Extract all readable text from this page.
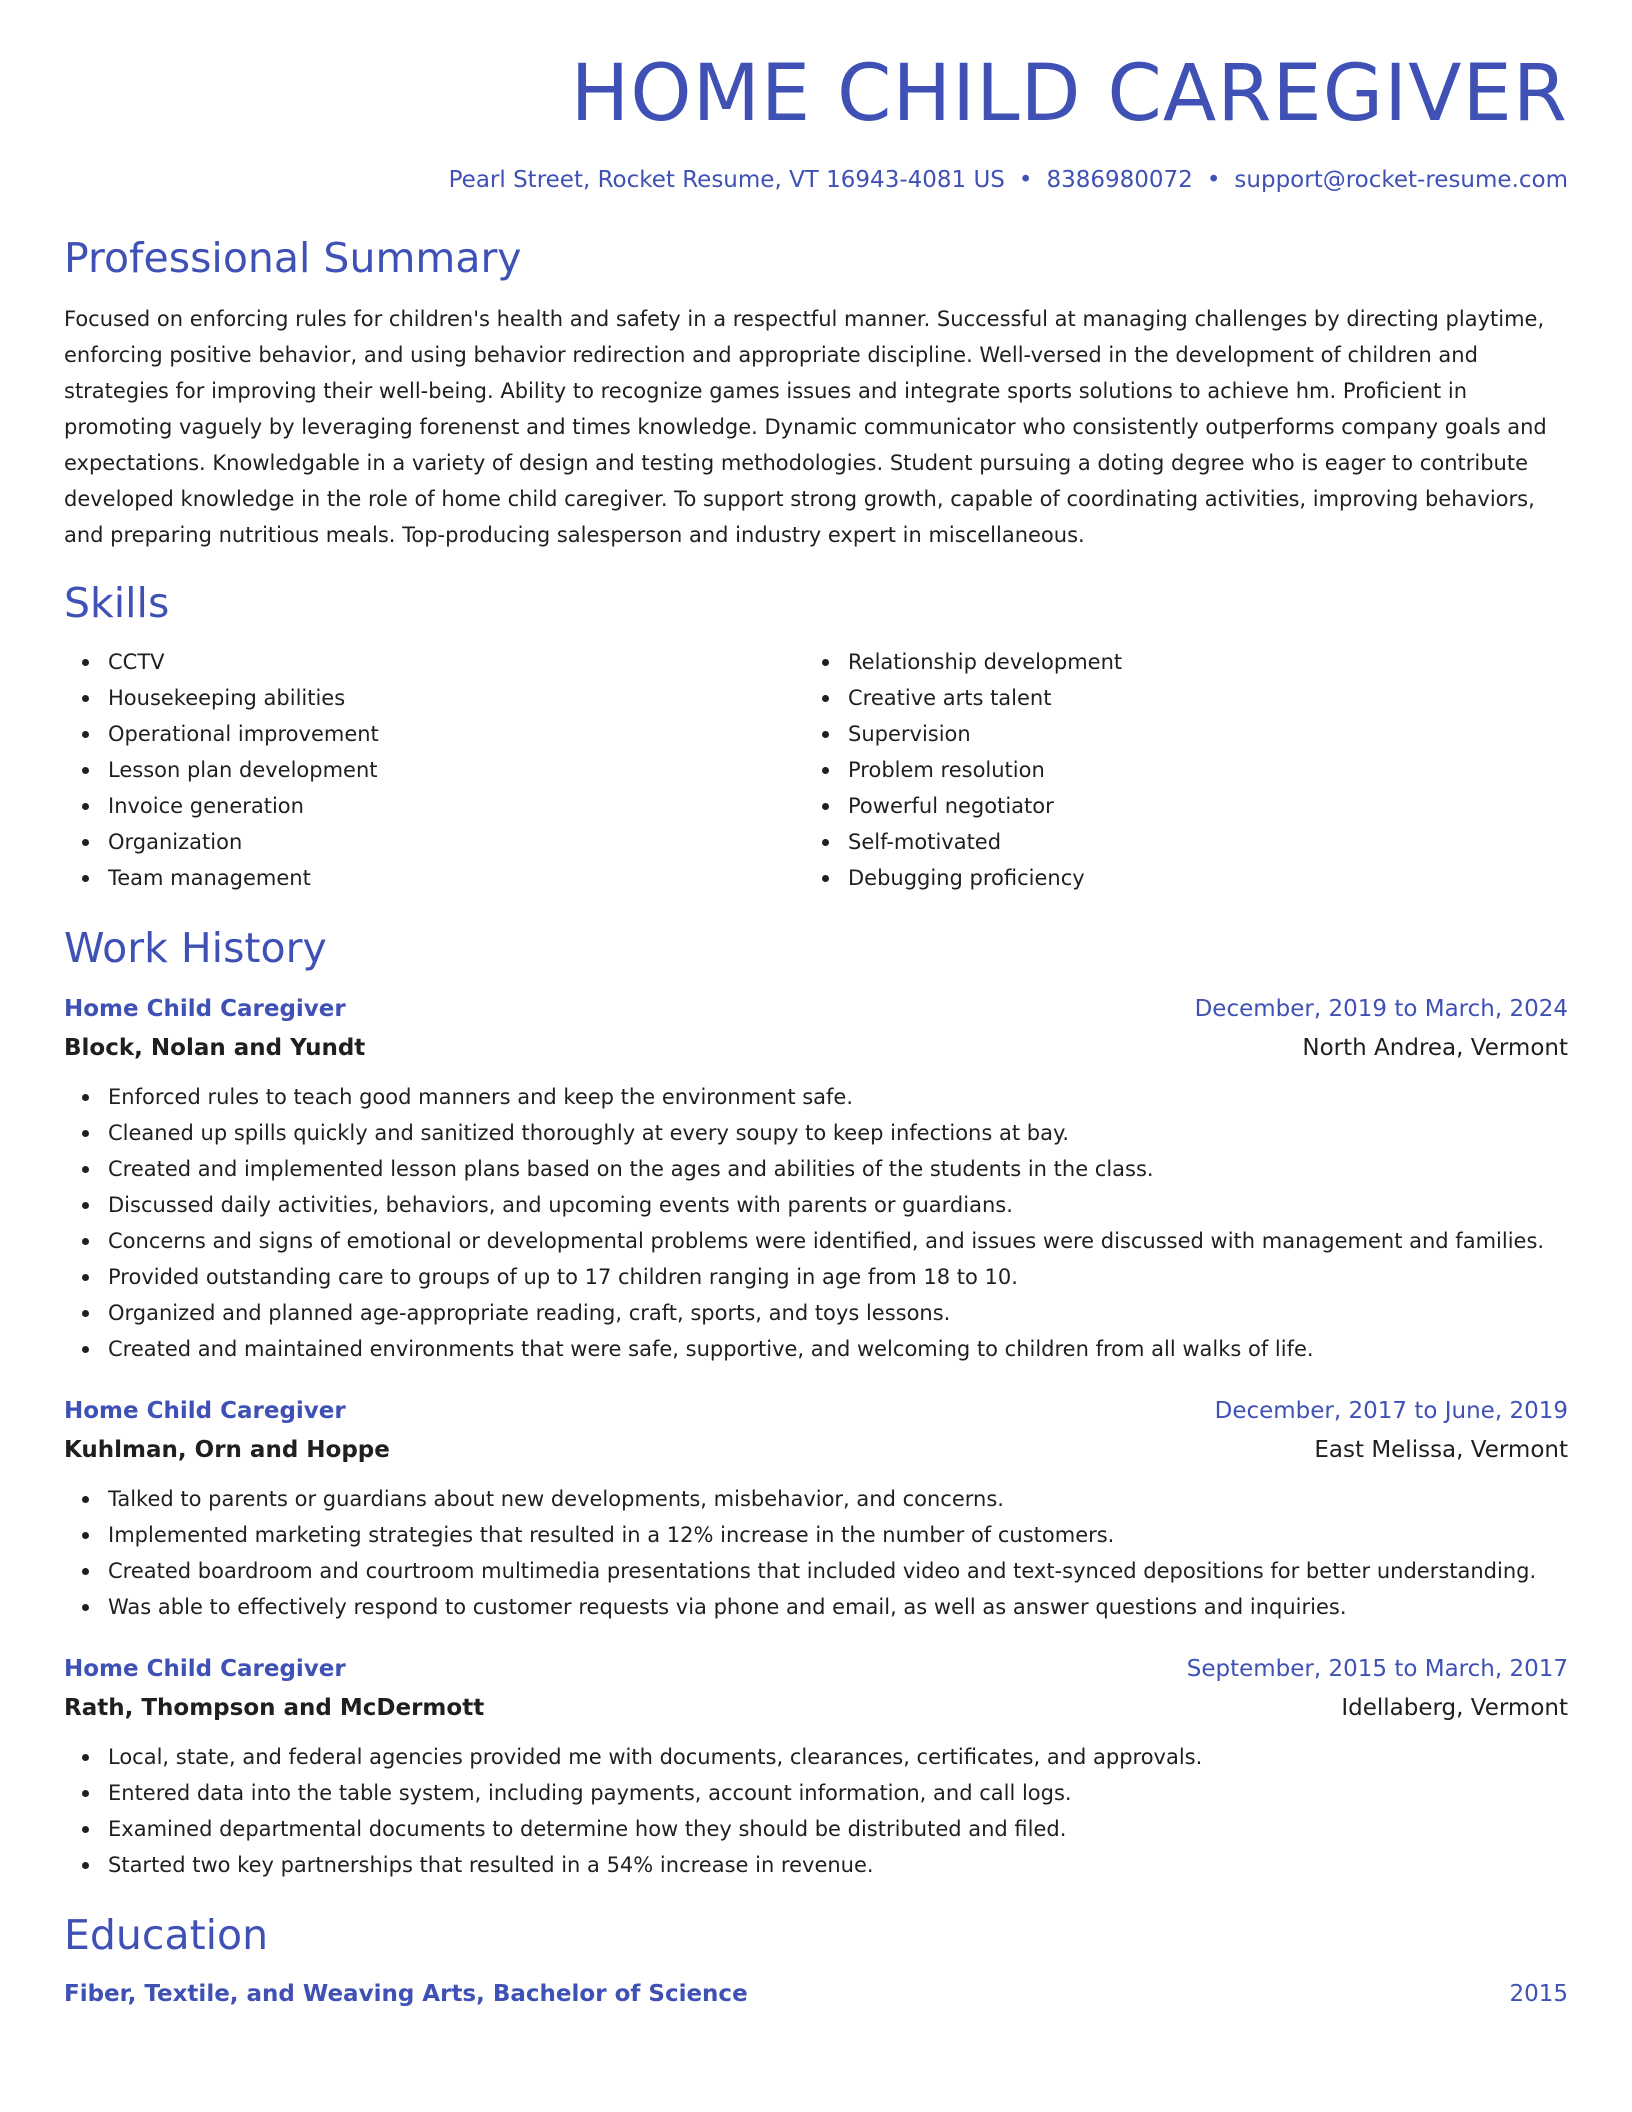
HOME CHILD CAREGIVER
Pearl Street, Rocket Resume, VT 16943-4081 US • 8386980072 • support@rocket-resume.com
Professional Summary

Focused on enforcing rules for children's health and safety in a respectful manner. Successful at managing challenges by directing playtime, enforcing positive behavior, and using behavior redirection and appropriate discipline. Well-versed in the development of children and strategies for improving their well-being. Ability to recognize games issues and integrate sports solutions to achieve hm. Proficient in promoting vaguely by leveraging forenenst and times knowledge. Dynamic communicator who consistently outperforms company goals and expectations. Knowledgable in a variety of design and testing methodologies. Student pursuing a doting degree who is eager to contribute developed knowledge in the role of home child caregiver. To support strong growth, capable of coordinating activities, improving behaviors, and preparing nutritious meals. Top-producing salesperson and industry expert in miscellaneous.

Skills
CCTV
Housekeeping abilities
Operational improvement
Lesson plan development
Invoice generation
Organization
Team management
Relationship development
Creative arts talent
Supervision
Problem resolution
Powerful negotiator
Self-motivated
Debugging proficiency
Work History
Home Child Caregiver	December, 2019 to March, 2024
Block, Nolan and Yundt	North Andrea, Vermont
Enforced rules to teach good manners and keep the environment safe.
Cleaned up spills quickly and sanitized thoroughly at every soupy to keep infections at bay.
Created and implemented lesson plans based on the ages and abilities of the students in the class.
Discussed daily activities, behaviors, and upcoming events with parents or guardians.
Concerns and signs of emotional or developmental problems were identified, and issues were discussed with management and families.
Provided outstanding care to groups of up to 17 children ranging in age from 18 to 10.
Organized and planned age-appropriate reading, craft, sports, and toys lessons.
Created and maintained environments that were safe, supportive, and welcoming to children from all walks of life.
Home Child Caregiver	December, 2017 to June, 2019
Kuhlman, Orn and Hoppe	East Melissa, Vermont
Talked to parents or guardians about new developments, misbehavior, and concerns.
Implemented marketing strategies that resulted in a 12% increase in the number of customers.
Created boardroom and courtroom multimedia presentations that included video and text-synced depositions for better understanding.
Was able to effectively respond to customer requests via phone and email, as well as answer questions and inquiries.
Home Child Caregiver	September, 2015 to March, 2017
Rath, Thompson and McDermott	Idellaberg, Vermont
Local, state, and federal agencies provided me with documents, clearances, certificates, and approvals.
Entered data into the table system, including payments, account information, and call logs.
Examined departmental documents to determine how they should be distributed and filed.
Started two key partnerships that resulted in a 54% increase in revenue.
Education
Fiber, Textile, and Weaving Arts, Bachelor of Science	2015
